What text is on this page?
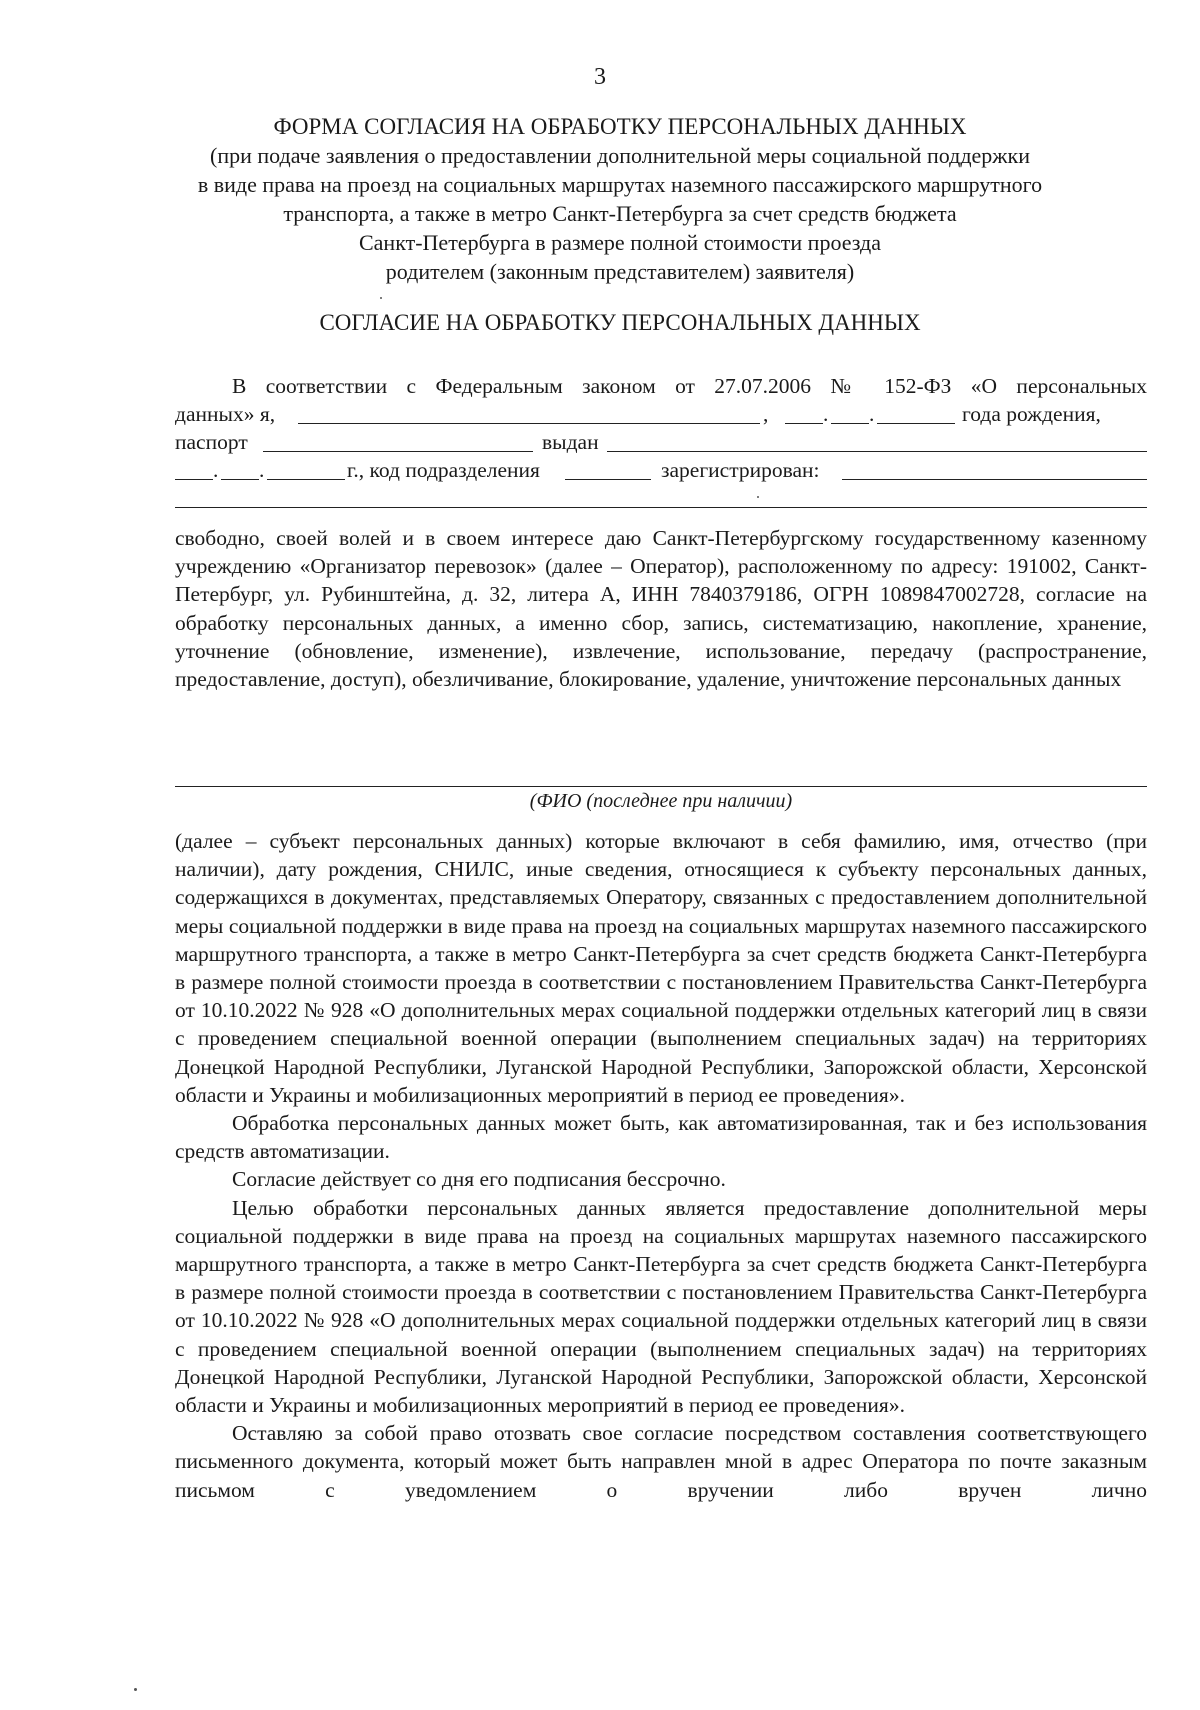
3
ФОРМА СОГЛАСИЯ НА ОБРАБОТКУ ПЕРСОНАЛЬНЫХ ДАННЫХ
(при подаче заявления о предоставлении дополнительной меры социальной поддержки
в виде права на проезд на социальных маршрутах наземного пассажирского маршрутного
транспорта, а также в метро Санкт-Петербурга за счет средств бюджета
Санкт-Петербурга в размере полной стоимости проезда
родителем (законным представителем) заявителя)
СОГЛАСИЕ НА ОБРАБОТКУ ПЕРСОНАЛЬНЫХ ДАННЫХ
В соответствии с Федеральным законом от 27.07.2006 № 152-ФЗ «О персональных
данных» я,	,	. .	года рождения,
паспорт	выдан
. .	г., код подразделения	зарегистрирован:

свободно, своей волей и в своем интересе даю Санкт-Петербургскому государственному казенному учреждению «Организатор перевозок» (далее – Оператор), расположенному по адресу: 191002, Санкт-Петербург, ул. Рубинштейна, д. 32, литера А, ИНН 7840379186, ОГРН 1089847002728, согласие на обработку персональных данных, а именно сбор, запись, систематизацию, накопление, хранение, уточнение (обновление, изменение), извлечение, использование, передачу (распространение, предоставление, доступ), обезличивание, блокирование, удаление, уничтожение персональных данных

(ФИО (последнее при наличии)

(далее – субъект персональных данных) которые включают в себя фамилию, имя, отчество (при наличии), дату рождения, СНИЛС, иные сведения, относящиеся к субъекту персональных данных, содержащихся в документах, представляемых Оператору, связанных с предоставлением дополнительной меры социальной поддержки в виде права на проезд на социальных маршрутах наземного пассажирского маршрутного транспорта, а также в метро Санкт-Петербурга за счет средств бюджета Санкт-Петербурга в размере полной стоимости проезда в соответствии с постановлением Правительства Санкт-Петербурга от 10.10.2022 № 928 «О дополнительных мерах социальной поддержки отдельных категорий лиц в связи с проведением специальной военной операции (выполнением специальных задач) на территориях Донецкой Народной Республики, Луганской Народной Республики, Запорожской области, Херсонской области и Украины и мобилизационных мероприятий в период ее проведения».

Обработка персональных данных может быть, как автоматизированная, так и без использования средств автоматизации.

Согласие действует со дня его подписания бессрочно.

Целью обработки персональных данных является предоставление дополнительной меры социальной поддержки в виде права на проезд на социальных маршрутах наземного пассажирского маршрутного транспорта, а также в метро Санкт-Петербурга за счет средств бюджета Санкт-Петербурга в размере полной стоимости проезда в соответствии с постановлением Правительства Санкт-Петербурга от 10.10.2022 № 928 «О дополнительных мерах социальной поддержки отдельных категорий лиц в связи с проведением специальной военной операции (выполнением специальных задач) на территориях Донецкой Народной Республики, Луганской Народной Республики, Запорожской области, Херсонской области и Украины и мобилизационных мероприятий в период ее проведения».

Оставляю за собой право отозвать свое согласие посредством составления соответствующего письменного документа, который может быть направлен мной в адрес Оператора по почте заказным письмом с уведомлением о вручении либо вручен лично
